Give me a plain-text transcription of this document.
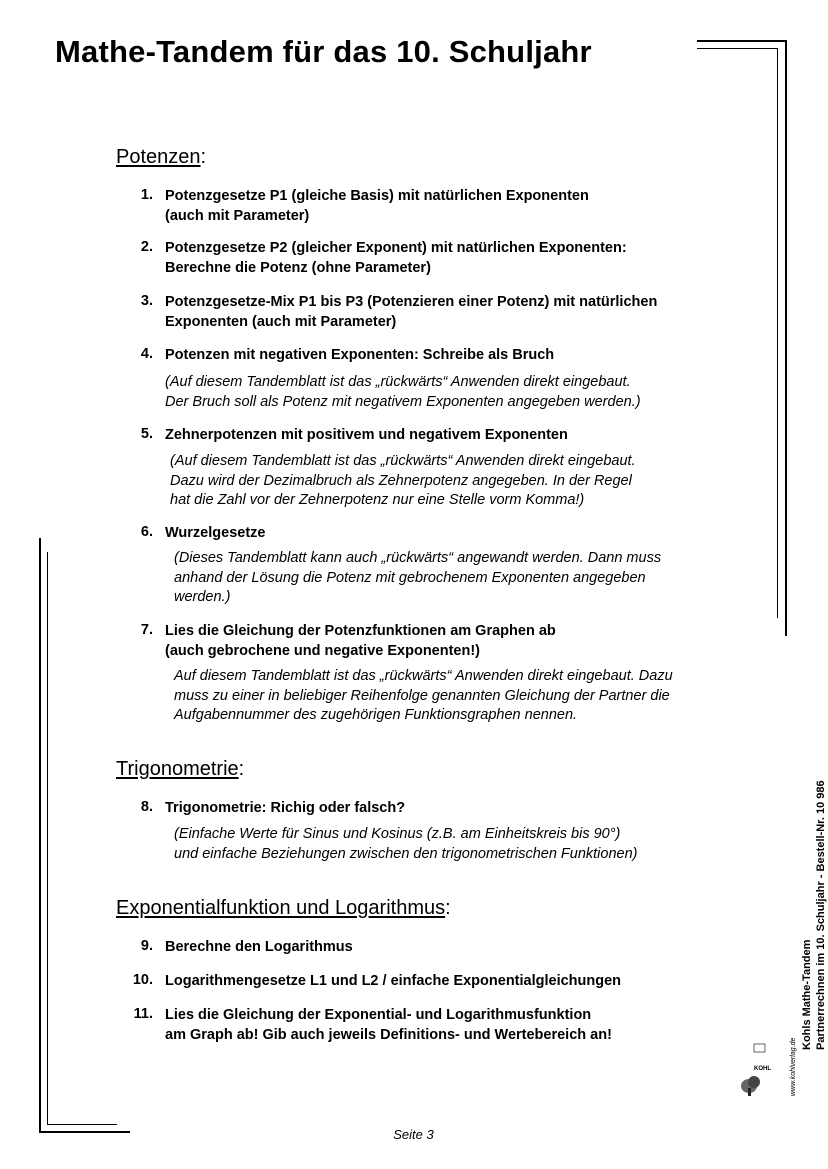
Mathe-Tandem für das 10. Schuljahr
Potenzen:
1. Potenzgesetze P1 (gleiche Basis) mit natürlichen Exponenten
(auch mit Parameter)
2. Potenzgesetze P2 (gleicher Exponent) mit natürlichen Exponenten:
Berechne die Potenz (ohne Parameter)
3. Potenzgesetze-Mix P1 bis P3 (Potenzieren einer Potenz) mit natürlichen
Exponenten (auch mit Parameter)
4. Potenzen mit negativen Exponenten: Schreibe als Bruch
(Auf diesem Tandemblatt ist das „rückwärts“ Anwenden direkt eingebaut.
Der Bruch soll als Potenz mit negativem Exponenten angegeben werden.)
5. Zehnerpotenzen mit positivem und negativem Exponenten
(Auf diesem Tandemblatt ist das „rückwärts“ Anwenden direkt eingebaut.
Dazu wird der Dezimalbruch als Zehnerpotenz angegeben. In der Regel
hat die Zahl vor der Zehnerpotenz nur eine Stelle vorm Komma!)
6. Wurzelgesetze
(Dieses Tandemblatt kann auch „rückwärts“ angewandt werden. Dann muss
anhand der Lösung die Potenz mit gebrochenem Exponenten angegeben
werden.)
7. Lies die Gleichung der Potenzfunktionen am Graphen ab
(auch gebrochene und negative Exponenten!)
Auf diesem Tandemblatt ist das „rückwärts“ Anwenden direkt eingebaut. Dazu
muss zu einer in beliebiger Reihenfolge genannten Gleichung der Partner die
Aufgabennummer des zugehörigen Funktionsgraphen nennen.
Trigonometrie:
8. Trigonometrie: Richig oder falsch?
(Einfache Werte für Sinus und Kosinus (z.B. am Einheitskreis bis 90°)
und einfache Beziehungen zwischen den trigonometrischen Funktionen)
Exponentialfunktion und Logarithmus:
9. Berechne den Logarithmus
10. Logarithmengesetze L1 und L2 / einfache Exponentialgleichungen
11. Lies die Gleichung der Exponential- und Logarithmusfunktion
am Graph ab! Gib auch jeweils Definitions- und Wertebereich an!	Kohls Mathe-Tandem Partnerrechnen im 10. Schuljahr - Bestell-Nr. 10 986
www.kohlverlag.de
KOHL
Seite 3
